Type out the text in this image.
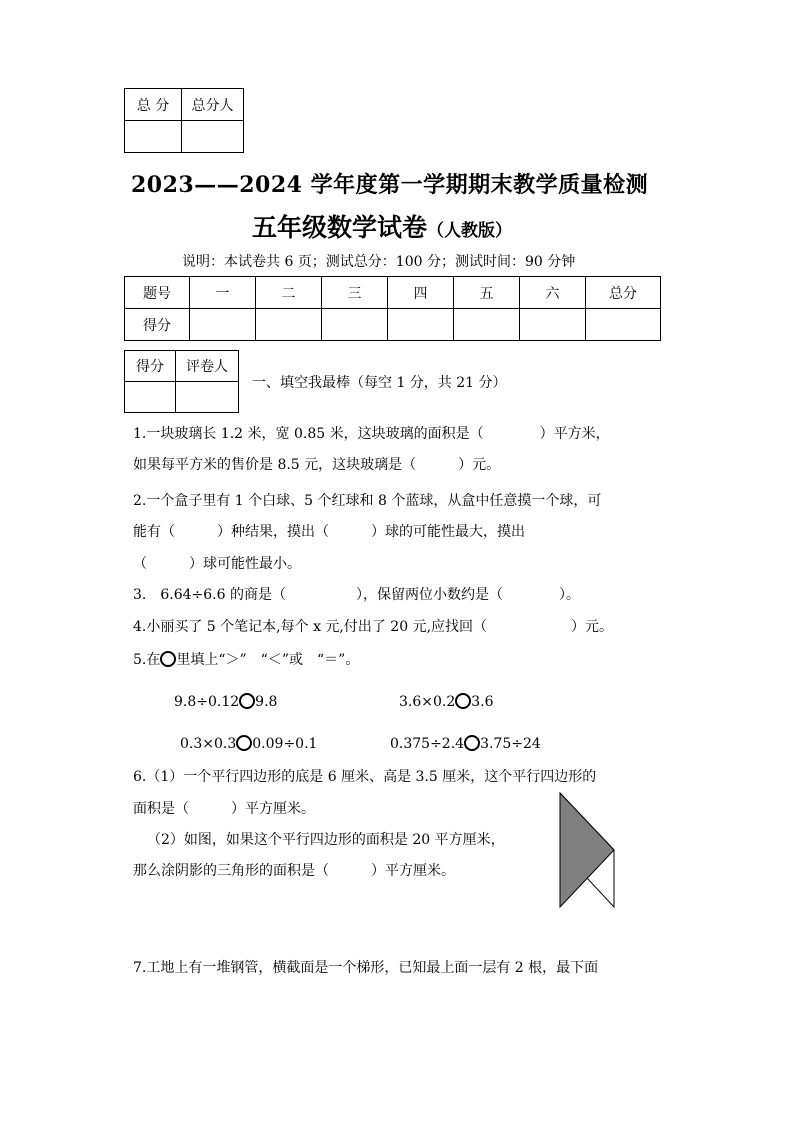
总 分	总分人

2023——2024 学年度第一学期期末教学质量检测
五年级数学试卷（人教版）
说明：本试卷共 6 页；测试总分：100 分；测试时间：90 分钟
题号	一	二	三	四	五	六	总分
得分							
得分	评卷人

一、填空我最棒（每空 1 分，共 21 分）
1.一块玻璃长 1.2 米，宽 0.85 米，这块玻璃的面积是（　　　　）平方米，
如果每平方米的售价是 8.5 元，这块玻璃是（　　　）元。
2.一个盒子里有 1 个白球、5 个红球和 8 个蓝球，从盒中任意摸一个球，可
能有（　　　）种结果，摸出（　　　）球的可能性最大，摸出
（　　　）球可能性最小。
3.　6.64÷6.6 的商是（　　　　　），保留两位小数约是（　　　　）。
4.小丽买了 5 个笔记本,每个 x 元,付出了 20 元,应找回（　　　　　　）元。
5.在 里填上“＞”　“＜”或　“＝”。
9.8÷0.12 9.8	3.6×0.2 3.6
0.3×0.3 0.09÷0.1	0.375÷2.4 3.75÷24
6.（1）一个平行四边形的底是 6 厘米、高是 3.5 厘米，这个平行四边形的
面积是（　　　）平方厘米。
（2）如图，如果这个平行四边形的面积是 20 平方厘米，
那么涂阴影的三角形的面积是（　　　）平方厘米。
7.工地上有一堆钢管，横截面是一个梯形，已知最上面一层有 2 根，最下面
